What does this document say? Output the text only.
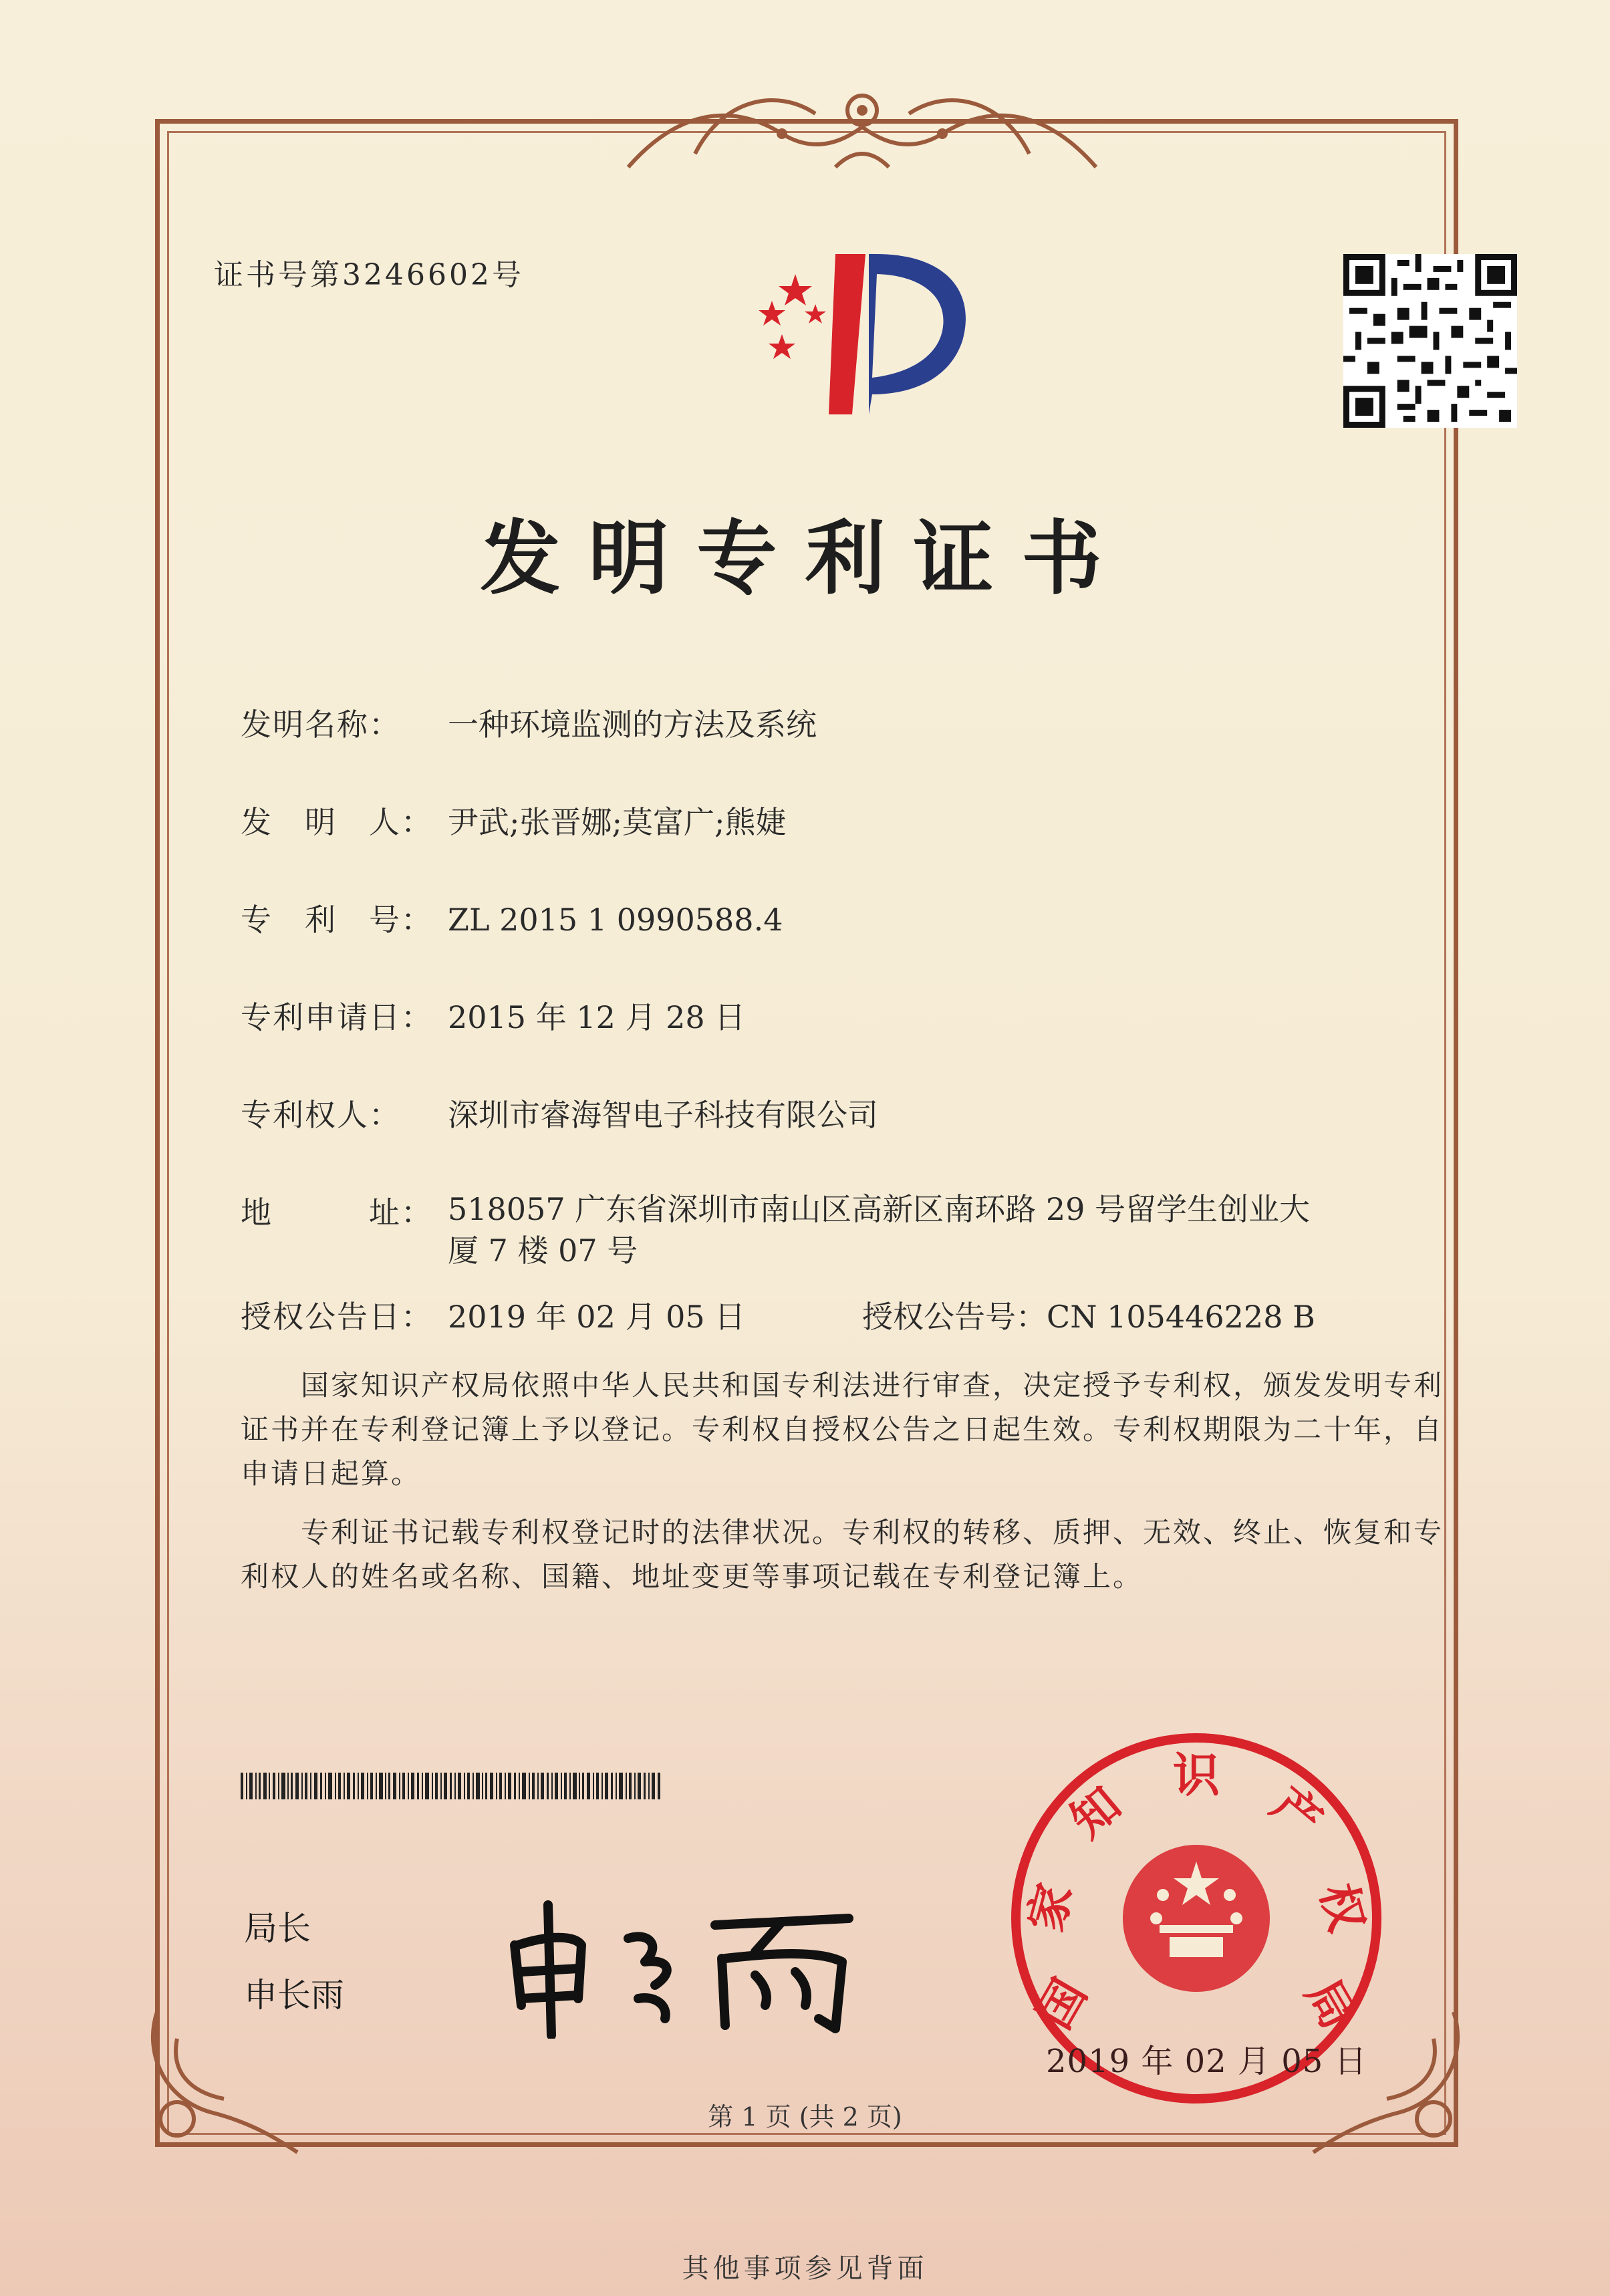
证书号第3246602号
发明专利证书
发明名称： 一种环境监测的方法及系统
发　明　人： 尹武;张晋娜;莫富广;熊婕
专　利　号： ZL 2015 1 0990588.4
专利申请日： 2015 年 12 月 28 日
专利权人： 深圳市睿海智电子科技有限公司
地　　　址： 518057 广东省深圳市南山区高新区南环路 29 号留学生创业大厦 7 楼 07 号
授权公告日： 2019 年 02 月 05 日	授权公告号：CN 105446228 B
国家知识产权局依照中华人民共和国专利法进行审查，决定授予专利权，颁发发明专利证书并在专利登记簿上予以登记。专利权自授权公告之日起生效。专利权期限为二十年，自申请日起算。
专利证书记载专利权登记时的法律状况。专利权的转移、质押、无效、终止、恢复和专利权人的姓名或名称、国籍、地址变更等事项记载在专利登记簿上。
局长
申长雨	国
家
知
识
产
权
局
2019 年 02 月 05 日
第 1 页 (共 2 页)
其他事项参见背面
